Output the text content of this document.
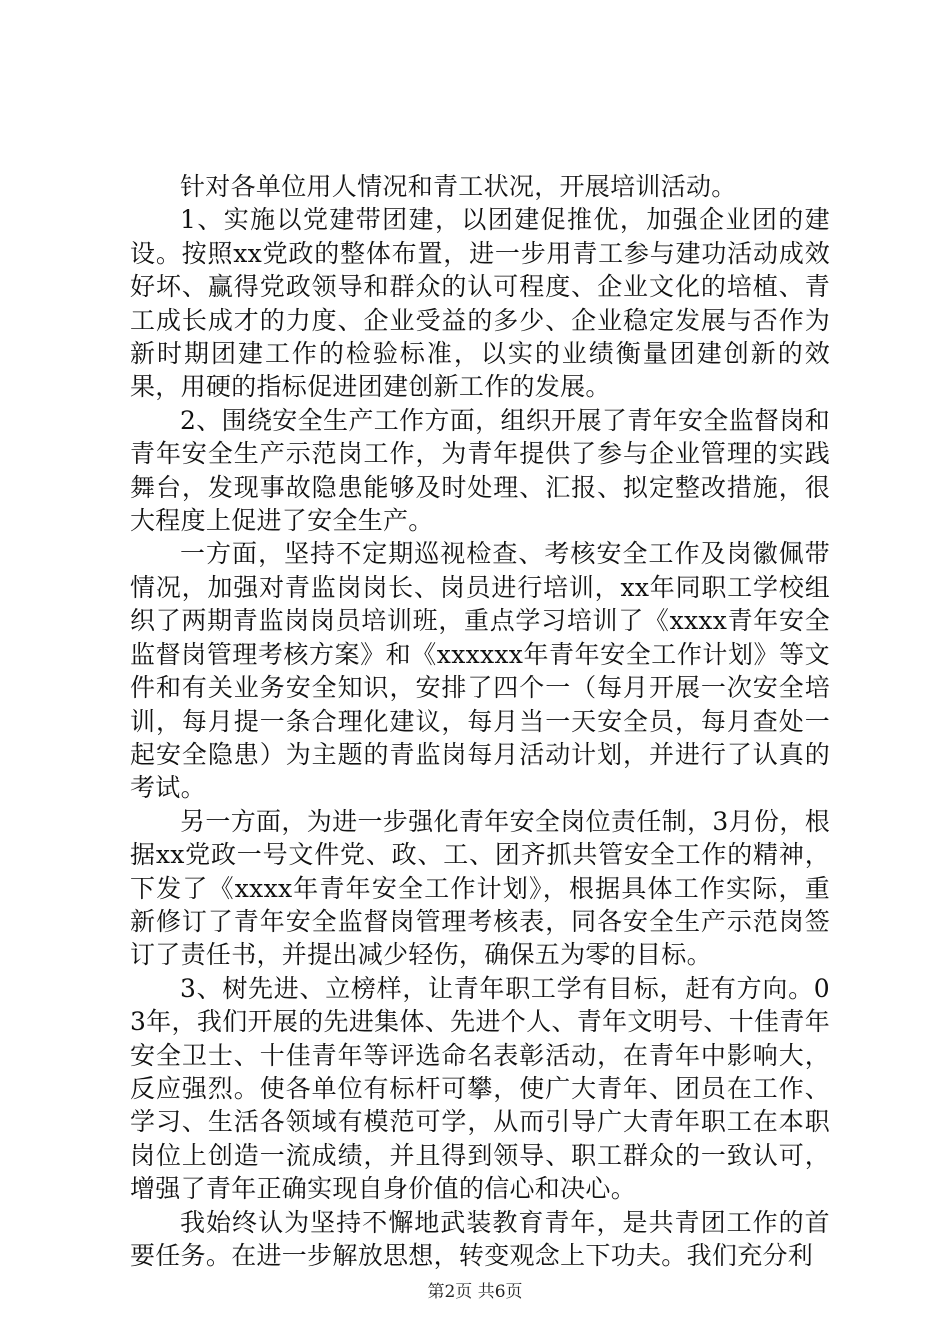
针对各单位用人情况和青工状况，开展培训活动。

1、实施以党建带团建，以团建促推优，加强企业团的建设。按照xx党政的整体布置，进一步用青工参与建功活动成效好坏、赢得党政领导和群众的认可程度、企业文化的培植、青工成长成才的力度、企业受益的多少、企业稳定发展与否作为新时期团建工作的检验标准，以实的业绩衡量团建创新的效果，用硬的指标促进团建创新工作的发展。

2、围绕安全生产工作方面，组织开展了青年安全监督岗和青年安全生产示范岗工作，为青年提供了参与企业管理的实践舞台，发现事故隐患能够及时处理、汇报、拟定整改措施，很大程度上促进了安全生产。

一方面，坚持不定期巡视检查、考核安全工作及岗徽佩带情况，加强对青监岗岗长、岗员进行培训，xx年同职工学校组织了两期青监岗岗员培训班，重点学习培训了《xxxx青年安全监督岗管理考核方案》和《xxxxxx年青年安全工作计划》等文件和有关业务安全知识，安排了四个一（每月开展一次安全培训，每月提一条合理化建议，每月当一天安全员，每月查处一起安全隐患）为主题的青监岗每月活动计划，并进行了认真的考试。

另一方面，为进一步强化青年安全岗位责任制，3月份，根据xx党政一号文件党、政、工、团齐抓共管安全工作的精神，下发了《xxxx年青年安全工作计划》，根据具体工作实际，重新修订了青年安全监督岗管理考核表，同各安全生产示范岗签订了责任书，并提出减少轻伤，确保五为零的目标。

3、树先进、立榜样，让青年职工学有目标，赶有方向。03年，我们开展的先进集体、先进个人、青年文明号、十佳青年安全卫士、十佳青年等评选命名表彰活动，在青年中影响大，反应强烈。使各单位有标杆可攀，使广大青年、团员在工作、学习、生活各领域有模范可学，从而引导广大青年职工在本职岗位上创造一流成绩，并且得到领导、职工群众的一致认可，增强了青年正确实现自身价值的信心和决心。

我始终认为坚持不懈地武装教育青年，是共青团工作的首要任务。在进一步解放思想，转变观念上下功夫。我们充分利

第2页 共6页
